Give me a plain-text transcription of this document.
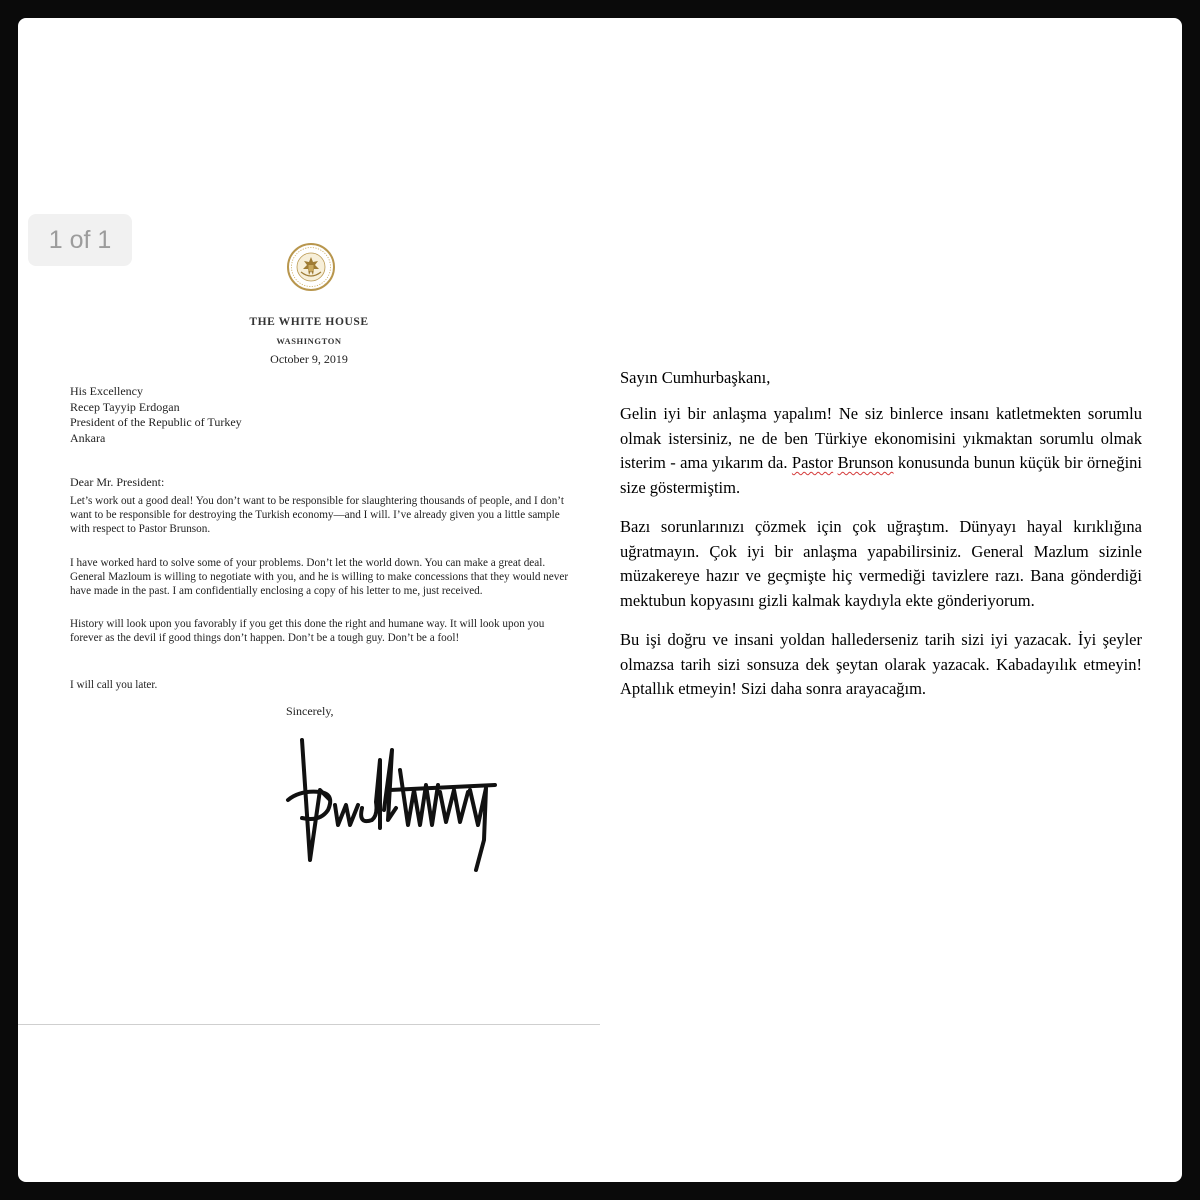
1 of 1
THE WHITE HOUSE
WASHINGTON
October 9, 2019
His Excellency
Recep Tayyip Erdogan
President of the Republic of Turkey
Ankara
Dear Mr. President:

Let’s work out a good deal! You don’t want to be responsible for slaughtering thousands of people, and I don’t want to be responsible for destroying the Turkish economy—and I will. I’ve already given you a little sample with respect to Pastor Brunson.

I have worked hard to solve some of your problems. Don’t let the world down. You can make a great deal. General Mazloum is willing to negotiate with you, and he is willing to make concessions that they would never have made in the past. I am confidentially enclosing a copy of his letter to me, just received.

History will look upon you favorably if you get this done the right and humane way. It will look upon you forever as the devil if good things don’t happen. Don’t be a tough guy. Don’t be a fool!

I will call you later.

Sincerely,

Sayın Cumhurbaşkanı,

Gelin iyi bir anlaşma yapalım! Ne siz binlerce insanı katletmekten sorumlu olmak istersiniz, ne de ben Türkiye ekonomisini yıkmaktan sorumlu olmak isterim - ama yıkarım da. Pastor Brunson konusunda bunun küçük bir örneğini size göstermiştim.

Bazı sorunlarınızı çözmek için çok uğraştım. Dünyayı hayal kırıklığına uğratmayın. Çok iyi bir anlaşma yapabilirsiniz. General Mazlum sizinle müzakereye hazır ve geçmişte hiç vermediği tavizlere razı. Bana gönderdiği mektubun kopyasını gizli kalmak kaydıyla ekte gönderiyorum.

Bu işi doğru ve insani yoldan hallederseniz tarih sizi iyi yazacak. İyi şeyler olmazsa tarih sizi sonsuza dek şeytan olarak yazacak. Kabadayılık etmeyin! Aptallık etmeyin! Sizi daha sonra arayacağım.
